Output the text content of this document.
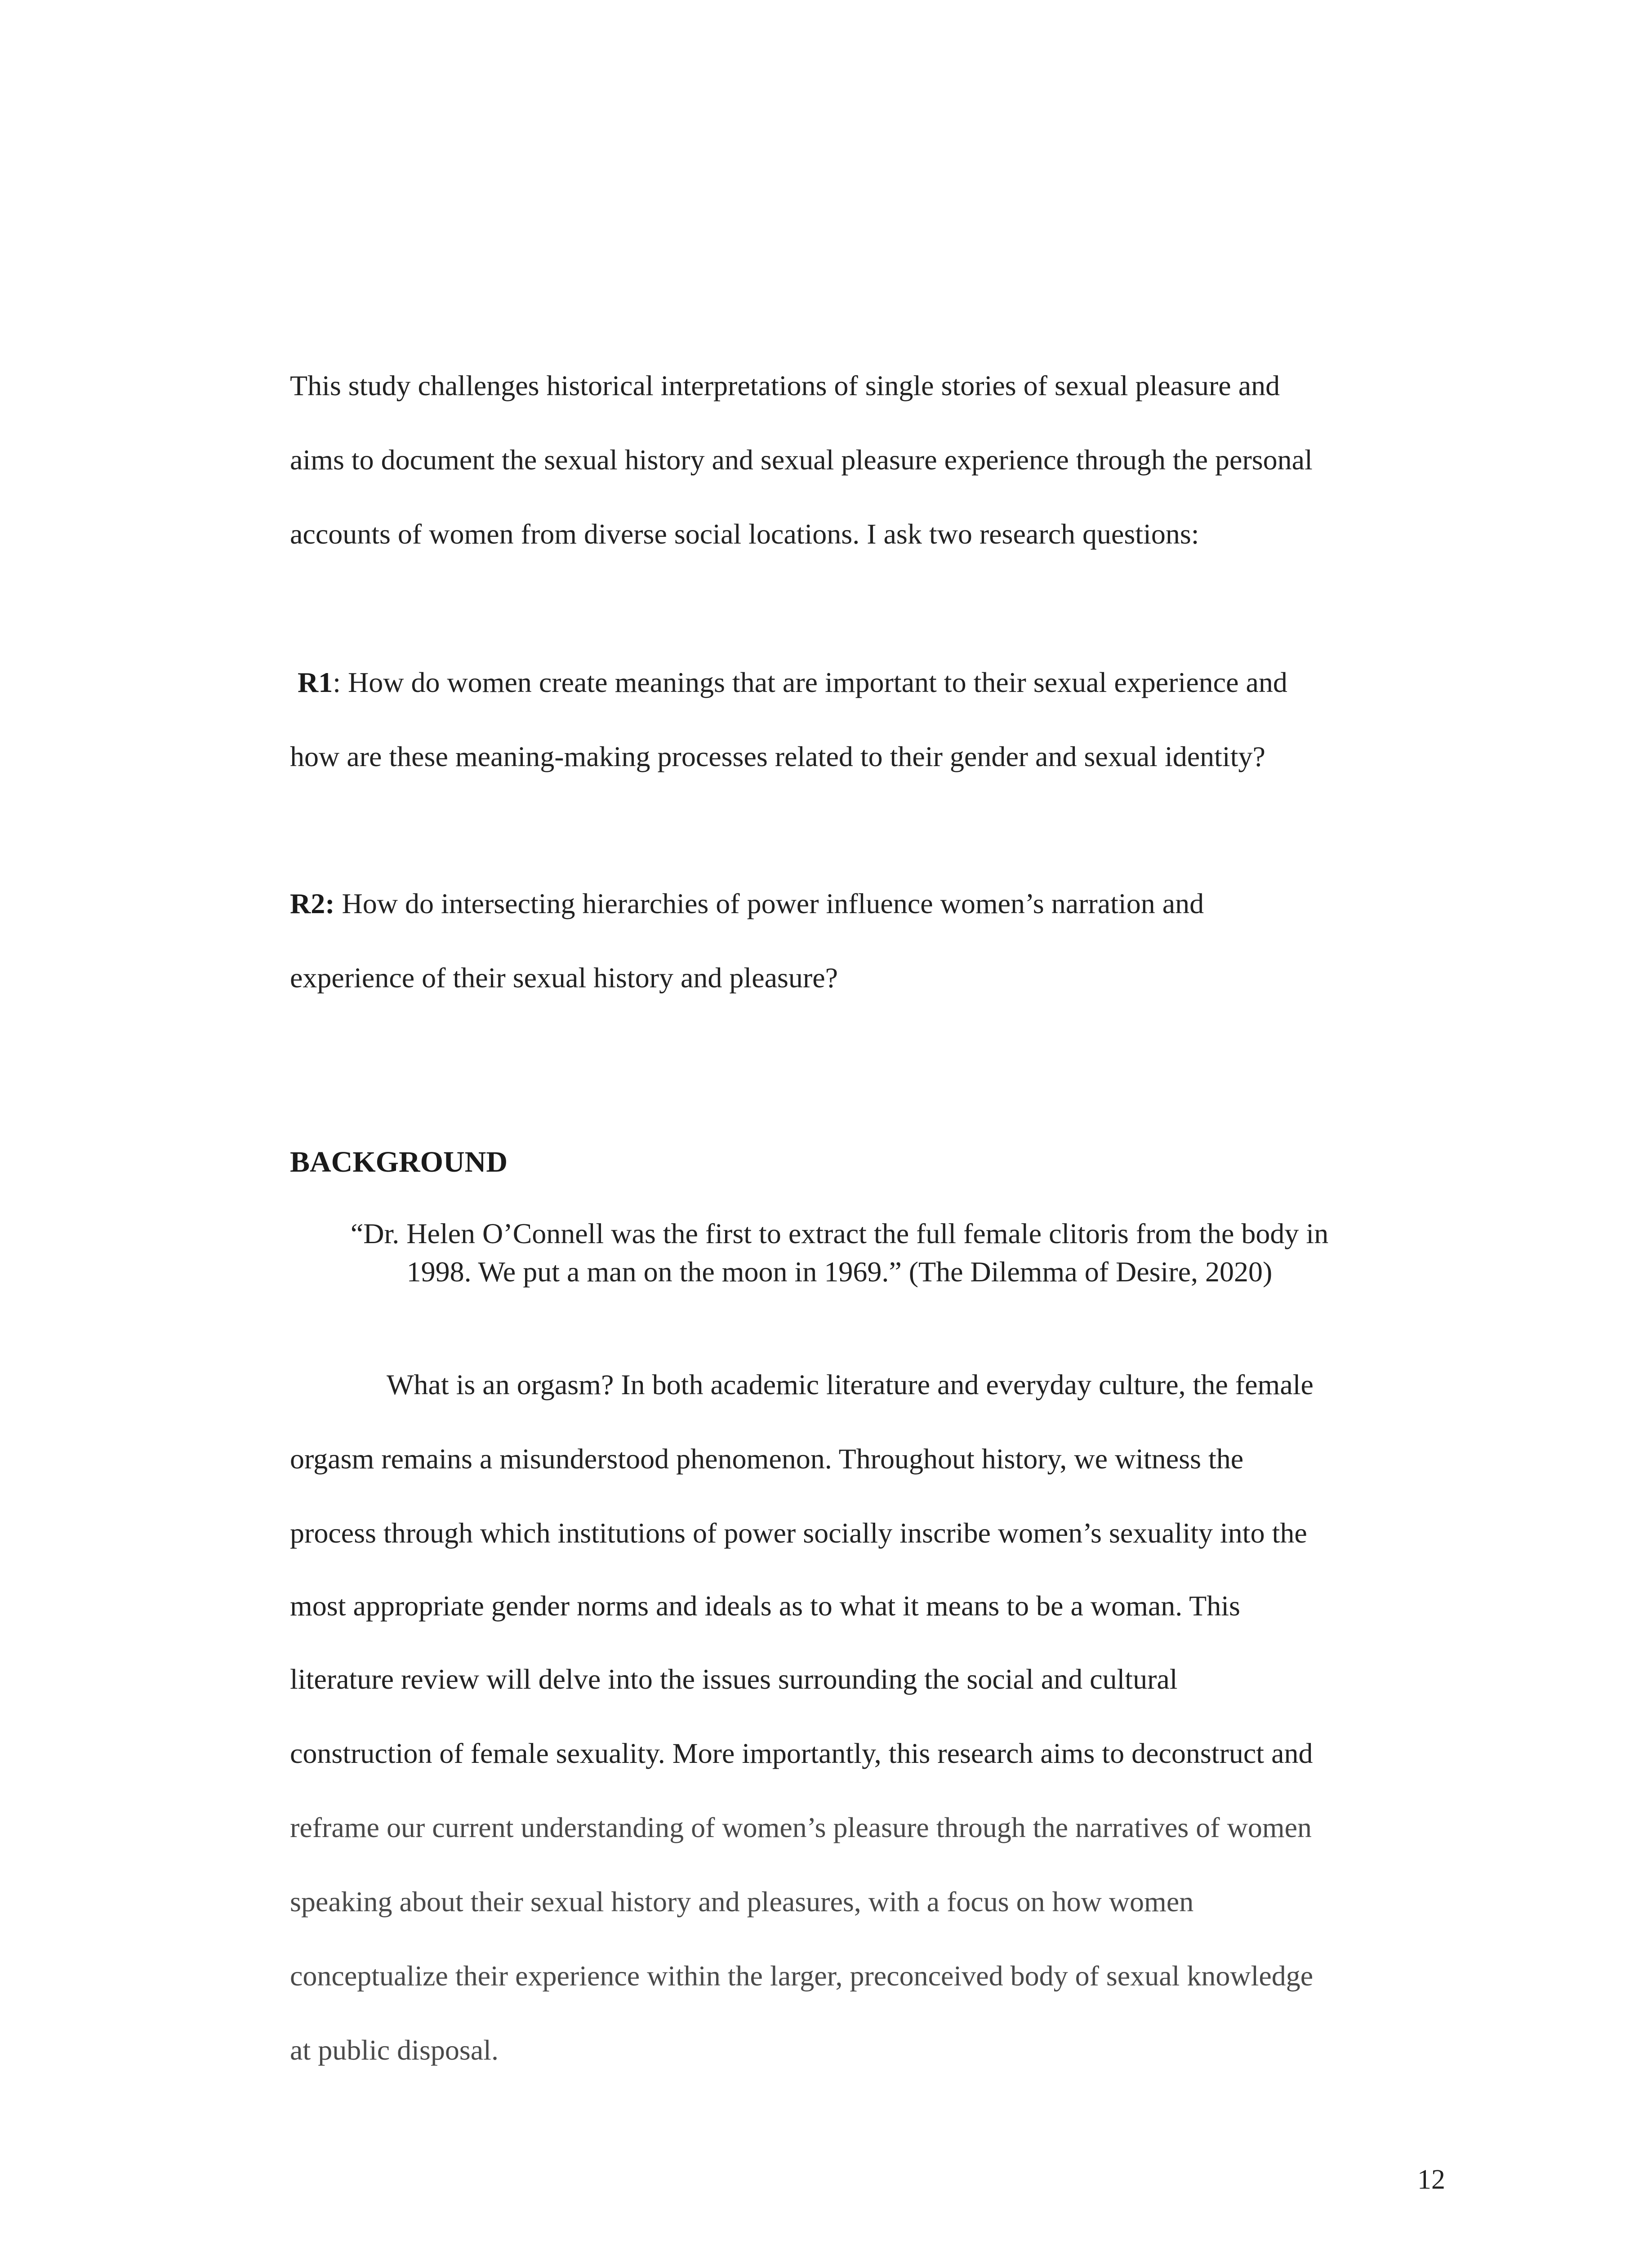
This study challenges historical interpretations of single stories of sexual pleasure and
aims to document the sexual history and sexual pleasure experience through the personal
accounts of women from diverse social locations. I ask two research questions:
R1: How do women create meanings that are important to their sexual experience and
how are these meaning-making processes related to their gender and sexual identity?
R2: How do intersecting hierarchies of power influence women’s narration and
experience of their sexual history and pleasure?
BACKGROUND
“Dr. Helen O’Connell was the first to extract the full female clitoris from the body in
1998. We put a man on the moon in 1969.” (The Dilemma of Desire, 2020)
What is an orgasm? In both academic literature and everyday culture, the female
orgasm remains a misunderstood phenomenon. Throughout history, we witness the
process through which institutions of power socially inscribe women’s sexuality into the
most appropriate gender norms and ideals as to what it means to be a woman. This
literature review will delve into the issues surrounding the social and cultural
construction of female sexuality. More importantly, this research aims to deconstruct and
reframe our current understanding of women’s pleasure through the narratives of women
speaking about their sexual history and pleasures, with a focus on how women
conceptualize their experience within the larger, preconceived body of sexual knowledge
at public disposal.
12
